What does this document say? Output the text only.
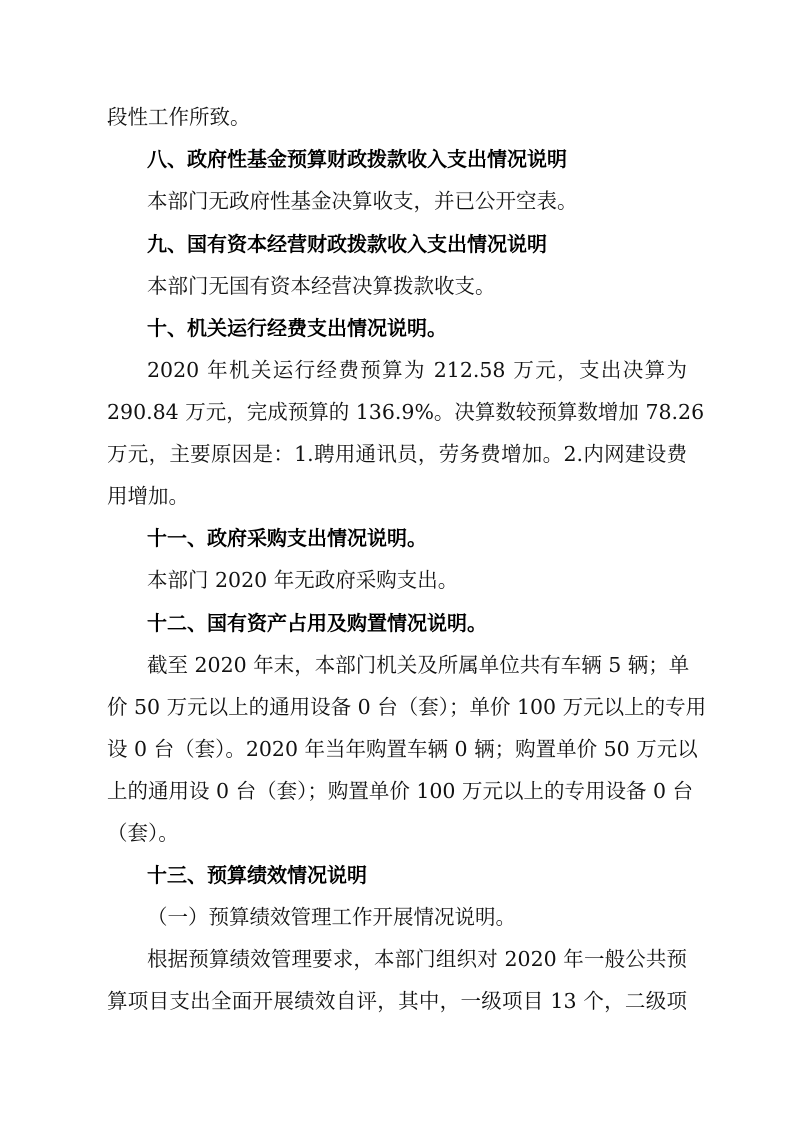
段性工作所致。
八、政府性基金预算财政拨款收入支出情况说明
本部门无政府性基金决算收支，并已公开空表。
九、国有资本经营财政拨款收入支出情况说明
本部门无国有资本经营决算拨款收支。
十、机关运行经费支出情况说明。
2020 年机关运行经费预算为 212.58 万元，支出决算为
290.84 万元，完成预算的 136.9%。决算数较预算数增加 78.26
万元，主要原因是：1.聘用通讯员，劳务费增加。2.内网建设费
用增加。
十一、政府采购支出情况说明。
本部门 2020 年无政府采购支出。
十二、国有资产占用及购置情况说明。
截至 2020 年末，本部门机关及所属单位共有车辆 5 辆；单
价 50 万元以上的通用设备 0 台（套）；单价 100 万元以上的专用
设 0 台（套）。2020 年当年购置车辆 0 辆；购置单价 50 万元以
上的通用设 0 台（套）；购置单价 100 万元以上的专用设备 0 台
（套）。
十三、预算绩效情况说明
（一）预算绩效管理工作开展情况说明。
根据预算绩效管理要求，本部门组织对 2020 年一般公共预
算项目支出全面开展绩效自评，其中，一级项目 13 个，二级项
